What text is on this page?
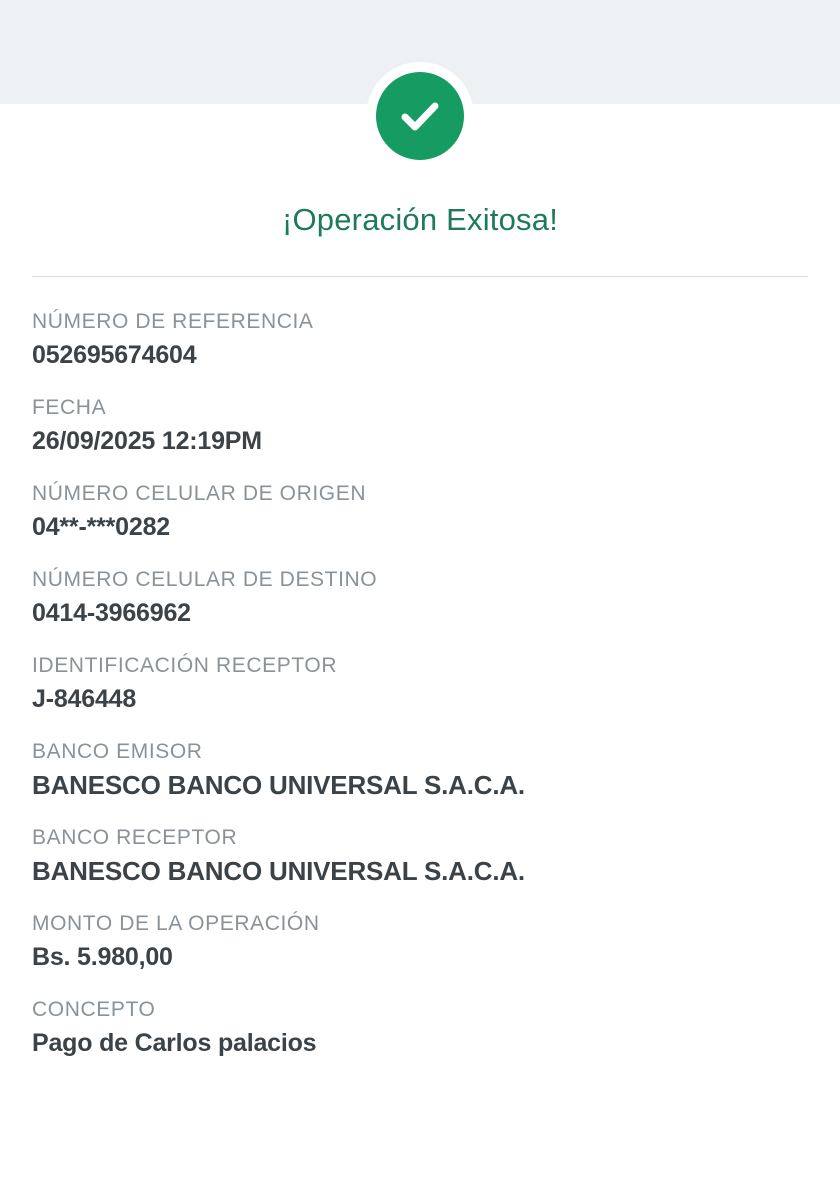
¡Operación Exitosa!
NÚMERO DE REFERENCIA
052695674604
FECHA
26/09/2025 12:19PM
NÚMERO CELULAR DE ORIGEN
04**-***0282
NÚMERO CELULAR DE DESTINO
0414-3966962
IDENTIFICACIÓN RECEPTOR
J-846448
BANCO EMISOR
BANESCO BANCO UNIVERSAL S.A.C.A.
BANCO RECEPTOR
BANESCO BANCO UNIVERSAL S.A.C.A.
MONTO DE LA OPERACIÓN
Bs. 5.980,00
CONCEPTO
Pago de Carlos palacios
